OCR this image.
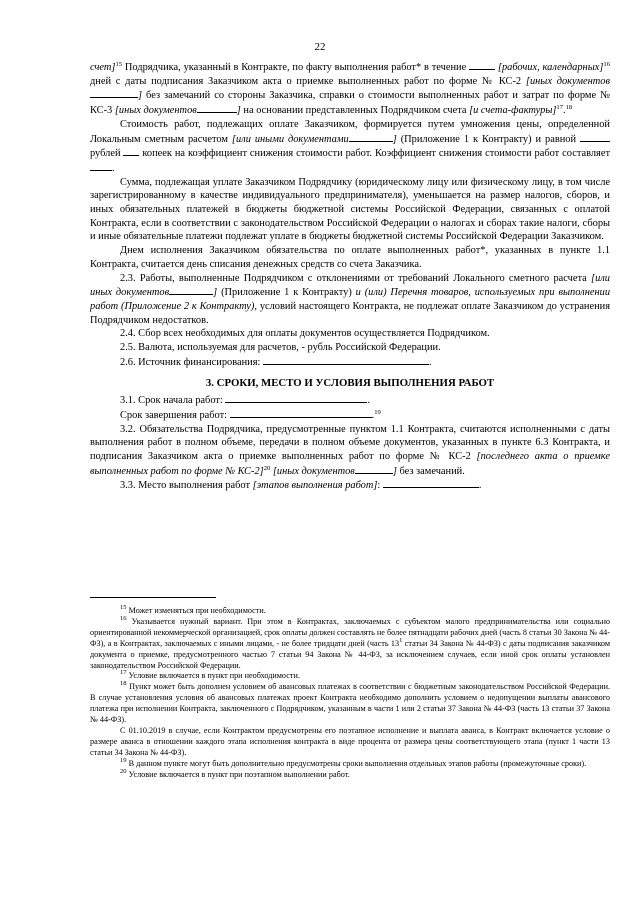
22

счет]$^{15}$ Подрядчика, указанный в Контракте, по факту выполнения работ* в течение	[рабочих, календарных]$^{16}$ дней с даты подписания Заказчиком акта о приемке выполненных работ по форме № КС-2 [иных документов] без замечаний со стороны Заказчика, справки о стоимости выполненных работ и затрат по форме № КС-3 [иных документов	] на основании представленных Подрядчиком счета [и счета-фактуры]$^{17}$.$^{18}$

Стоимость работ, подлежащих оплате Заказчиком, формируется путем умножения цены, определенной Локальным сметным расчетом [или иными документами	] (Приложение 1 к Контракту) и равной  рублей  копеек на коэффициент снижения стоимости работ. Коэффициент снижения стоимости работ составляет .

Сумма, подлежащая уплате Заказчиком Подрядчику (юридическому лицу или физическому лицу, в том числе зарегистрированному в качестве индивидуального предпринимателя), уменьшается на размер налогов, сборов, и иных обязательных платежей в бюджеты бюджетной системы Российской Федерации, связанных с оплатой Контракта, если в соответствии с законодательством Российской Федерации о налогах и сборах такие налоги, сборы и иные обязательные платежи подлежат уплате в бюджеты бюджетной системы Российской Федерации Заказчиком.

Днем исполнения Заказчиком обязательства по оплате выполненных работ*, указанных в пункте 1.1 Контракта, считается день списания денежных средств со счета Заказчика.

2.3. Работы, выполненные Подрядчиком с отклонениями от требований Локального сметного расчета [или иных документов	] (Приложение 1 к Контракту) и (или) Перечня товаров, используемых при выполнении работ (Приложение 2 к Контракту), условий настоящего Контракта, не подлежат оплате Заказчиком до устранения Подрядчиком недостатков.

2.4. Сбор всех необходимых для оплаты документов осуществляется Подрядчиком.

2.5. Валюта, используемая для расчетов, - рубль Российской Федерации.

2.6. Источник финансирования:	.

3. СРОКИ, МЕСТО И УСЛОВИЯ ВЫПОЛНЕНИЯ РАБОТ

3.1. Срок начала работ:	.

Срок завершения работ:	.$^{19}$

3.2. Обязательства Подрядчика, предусмотренные пунктом 1.1 Контракта, считаются исполненными с даты выполнения работ в полном объеме, передачи в полном объеме документов, указанных в пункте 6.3 Контракта, и подписания Заказчиком акта о приемке выполненных работ по форме № КС-2 [последнего акта о приемке выполненных работ по форме № КС-2]$^{20}$ [иных документов	] без замечаний.

3.3. Место выполнения работ [этапов выполнения работ]:	.

$^{15}$ Может изменяться при необходимости.

$^{16}$ Указывается нужный вариант. При этом в Контрактах, заключаемых с субъектом малого предпринимательства или социально ориентированной некоммерческой организацией, срок оплаты должен составлять не более пятнадцати рабочих дней (часть 8 статьи 30 Закона № 44-ФЗ), а в Контрактах, заключаемых с иными лицами, - не более тридцати дней (часть $13^1$ статьи 34 Закона № 44-ФЗ) с даты подписания заказчиком документа о приемке, предусмотренного частью 7 статьи 94 Закона № 44-ФЗ, за исключением случаев, если иной срок оплаты установлен законодательством Российской Федерации.

$^{17}$ Условие включается в пункт при необходимости.

$^{18}$ Пункт может быть дополнен условием об авансовых платежах в соответствии с бюджетным законодательством Российской Федерации. В случае установления условия об авансовых платежах проект Контракта необходимо дополнить условием о недопущении выплаты авансового платежа при исполнении Контракта, заключенного с Подрядчиком, указанным в части 1 или 2 статьи 37 Закона № 44-ФЗ (часть 13 статьи 37 Закона № 44-ФЗ).

С 01.10.2019 в случае, если Контрактом предусмотрены его поэтапное исполнение и выплата аванса, в Контракт включается условие о размере аванса в отношении каждого этапа исполнения контракта в виде процента от размера цены соответствующего этапа (пункт 1 части 13 статьи 34 Закона № 44-ФЗ).

$^{19}$ В данном пункте могут быть дополнительно предусмотрены сроки выполнения отдельных этапов работы (промежуточные сроки).

$^{20}$ Условие включается в пункт при поэтапном выполнении работ.
